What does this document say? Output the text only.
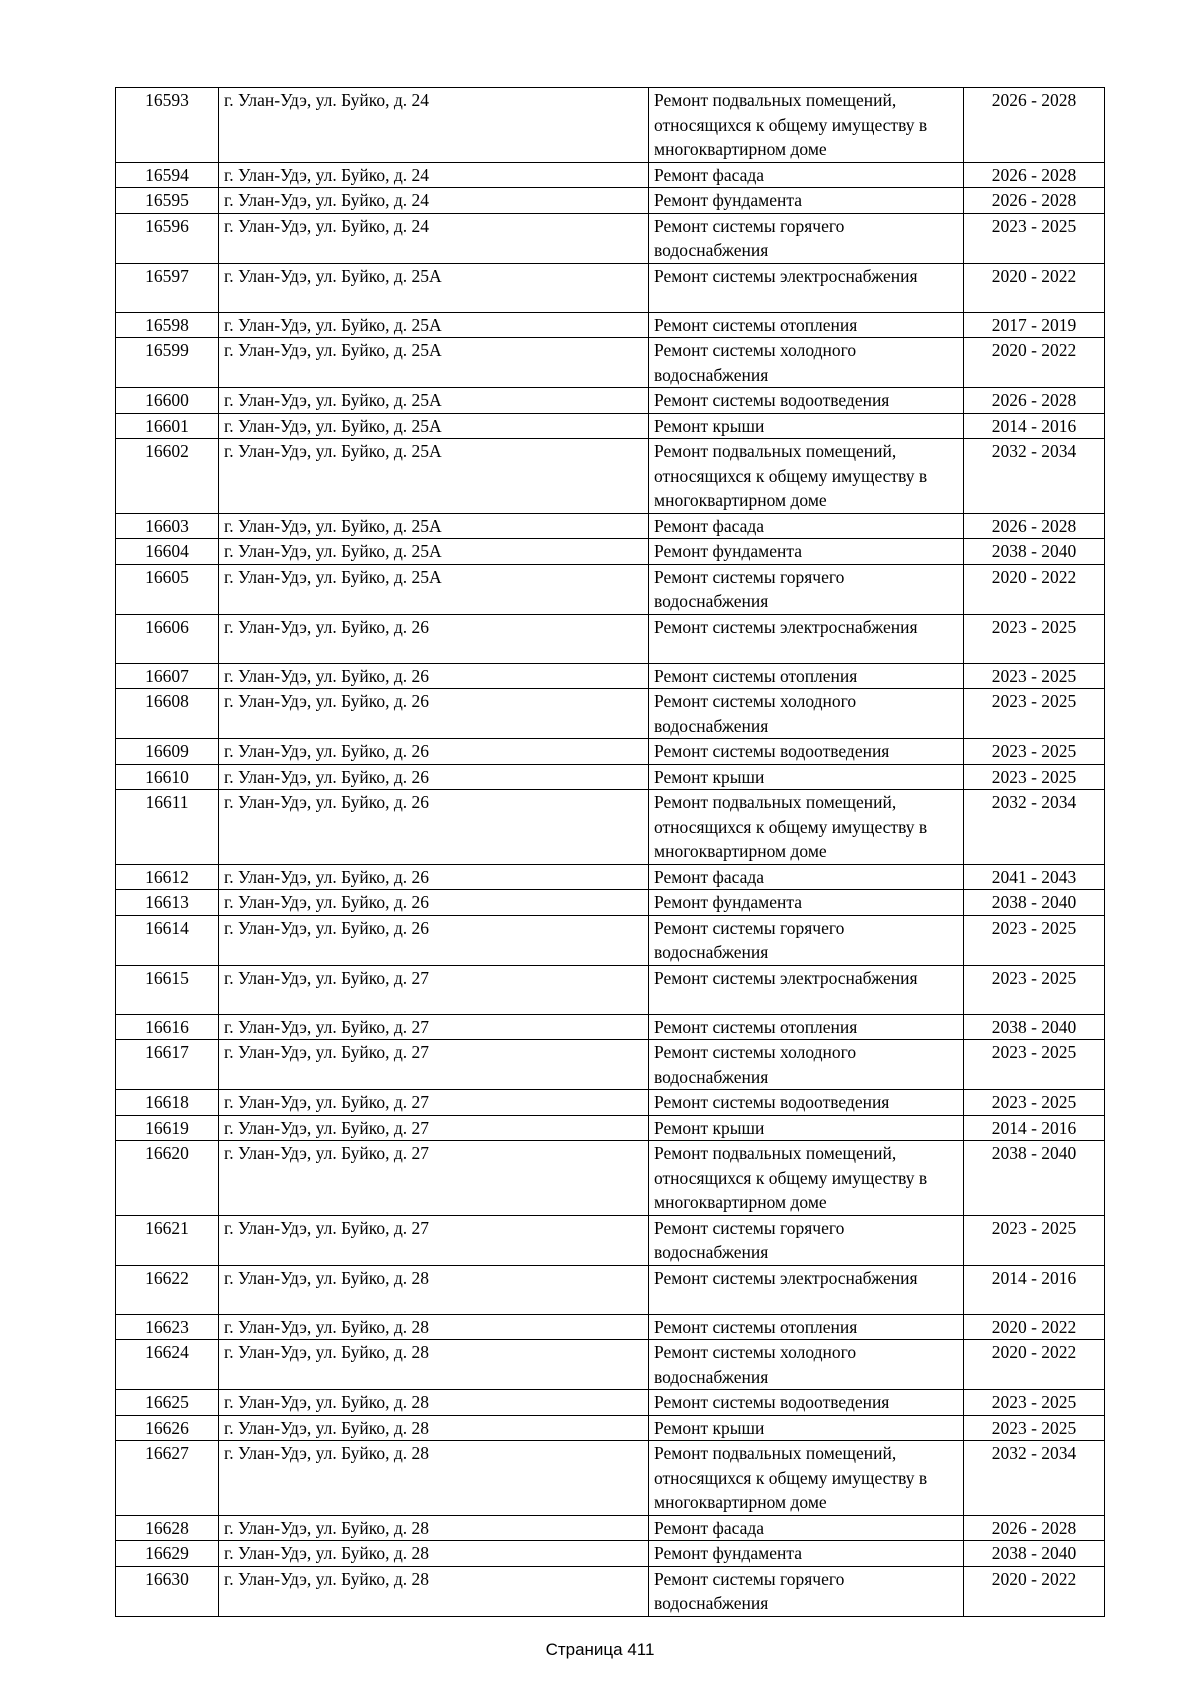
16593	г. Улан-Удэ, ул. Буйко, д. 24	Ремонт подвальных помещений, относящихся к общему имуществу в многоквартирном доме	2026 - 2028
16594	г. Улан-Удэ, ул. Буйко, д. 24	Ремонт фасада	2026 - 2028
16595	г. Улан-Удэ, ул. Буйко, д. 24	Ремонт фундамента	2026 - 2028
16596	г. Улан-Удэ, ул. Буйко, д. 24	Ремонт системы горячего водоснабжения	2023 - 2025
16597	г. Улан-Удэ, ул. Буйко, д. 25А	Ремонт системы электроснабжения	2020 - 2022
16598	г. Улан-Удэ, ул. Буйко, д. 25А	Ремонт системы отопления	2017 - 2019
16599	г. Улан-Удэ, ул. Буйко, д. 25А	Ремонт системы холодного водоснабжения	2020 - 2022
16600	г. Улан-Удэ, ул. Буйко, д. 25А	Ремонт системы водоотведения	2026 - 2028
16601	г. Улан-Удэ, ул. Буйко, д. 25А	Ремонт крыши	2014 - 2016
16602	г. Улан-Удэ, ул. Буйко, д. 25А	Ремонт подвальных помещений, относящихся к общему имуществу в многоквартирном доме	2032 - 2034
16603	г. Улан-Удэ, ул. Буйко, д. 25А	Ремонт фасада	2026 - 2028
16604	г. Улан-Удэ, ул. Буйко, д. 25А	Ремонт фундамента	2038 - 2040
16605	г. Улан-Удэ, ул. Буйко, д. 25А	Ремонт системы горячего водоснабжения	2020 - 2022
16606	г. Улан-Удэ, ул. Буйко, д. 26	Ремонт системы электроснабжения	2023 - 2025
16607	г. Улан-Удэ, ул. Буйко, д. 26	Ремонт системы отопления	2023 - 2025
16608	г. Улан-Удэ, ул. Буйко, д. 26	Ремонт системы холодного водоснабжения	2023 - 2025
16609	г. Улан-Удэ, ул. Буйко, д. 26	Ремонт системы водоотведения	2023 - 2025
16610	г. Улан-Удэ, ул. Буйко, д. 26	Ремонт крыши	2023 - 2025
16611	г. Улан-Удэ, ул. Буйко, д. 26	Ремонт подвальных помещений, относящихся к общему имуществу в многоквартирном доме	2032 - 2034
16612	г. Улан-Удэ, ул. Буйко, д. 26	Ремонт фасада	2041 - 2043
16613	г. Улан-Удэ, ул. Буйко, д. 26	Ремонт фундамента	2038 - 2040
16614	г. Улан-Удэ, ул. Буйко, д. 26	Ремонт системы горячего водоснабжения	2023 - 2025
16615	г. Улан-Удэ, ул. Буйко, д. 27	Ремонт системы электроснабжения	2023 - 2025
16616	г. Улан-Удэ, ул. Буйко, д. 27	Ремонт системы отопления	2038 - 2040
16617	г. Улан-Удэ, ул. Буйко, д. 27	Ремонт системы холодного водоснабжения	2023 - 2025
16618	г. Улан-Удэ, ул. Буйко, д. 27	Ремонт системы водоотведения	2023 - 2025
16619	г. Улан-Удэ, ул. Буйко, д. 27	Ремонт крыши	2014 - 2016
16620	г. Улан-Удэ, ул. Буйко, д. 27	Ремонт подвальных помещений, относящихся к общему имуществу в многоквартирном доме	2038 - 2040
16621	г. Улан-Удэ, ул. Буйко, д. 27	Ремонт системы горячего водоснабжения	2023 - 2025
16622	г. Улан-Удэ, ул. Буйко, д. 28	Ремонт системы электроснабжения	2014 - 2016
16623	г. Улан-Удэ, ул. Буйко, д. 28	Ремонт системы отопления	2020 - 2022
16624	г. Улан-Удэ, ул. Буйко, д. 28	Ремонт системы холодного водоснабжения	2020 - 2022
16625	г. Улан-Удэ, ул. Буйко, д. 28	Ремонт системы водоотведения	2023 - 2025
16626	г. Улан-Удэ, ул. Буйко, д. 28	Ремонт крыши	2023 - 2025
16627	г. Улан-Удэ, ул. Буйко, д. 28	Ремонт подвальных помещений, относящихся к общему имуществу в многоквартирном доме	2032 - 2034
16628	г. Улан-Удэ, ул. Буйко, д. 28	Ремонт фасада	2026 - 2028
16629	г. Улан-Удэ, ул. Буйко, д. 28	Ремонт фундамента	2038 - 2040
16630	г. Улан-Удэ, ул. Буйко, д. 28	Ремонт системы горячего водоснабжения	2020 - 2022
Страница 411
